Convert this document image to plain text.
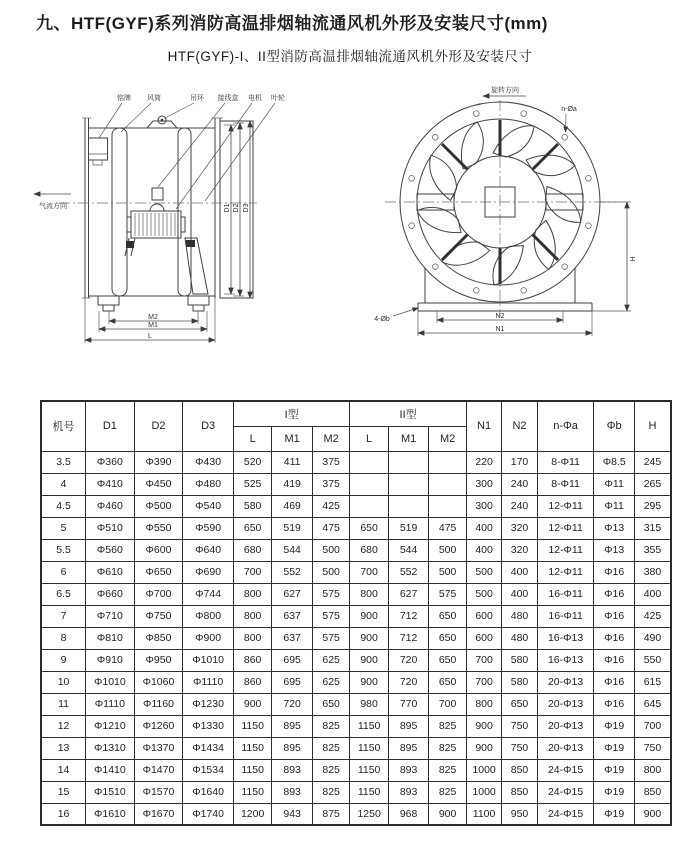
九、HTF(GYF)系列消防高温排烟轴流通风机外形及安装尺寸(mm)
HTF(GYF)-I、II型消防高温排烟轴流通风机外形及安装尺寸
铭牌 风筒	吊环 接线盒 电机 叶轮
气流方向	D1 D2 D3
M2
M1
L
旋转方向
n-Øa
4-Øb	N2
N1
H
机号	D1	D2	D3	I型			II型			N1	N2	n-Φa	Φb	H
				L	M1	M2	L	M1	M2					
3.5	Φ360	Φ390	Φ430	520	411	375				220	170	8-Φ11	Φ8.5	245
4	Φ410	Φ450	Φ480	525	419	375				300	240	8-Φ11	Φ11	265
4.5	Φ460	Φ500	Φ540	580	469	425				300	240	12-Φ11	Φ11	295
5	Φ510	Φ550	Φ590	650	519	475	650	519	475	400	320	12-Φ11	Φ13	315
5.5	Φ560	Φ600	Φ640	680	544	500	680	544	500	400	320	12-Φ11	Φ13	355
6	Φ610	Φ650	Φ690	700	552	500	700	552	500	500	400	12-Φ11	Φ16	380
6.5	Φ660	Φ700	Φ744	800	627	575	800	627	575	500	400	16-Φ11	Φ16	400
7	Φ710	Φ750	Φ800	800	637	575	900	712	650	600	480	16-Φ11	Φ16	425
8	Φ810	Φ850	Φ900	800	637	575	900	712	650	600	480	16-Φ13	Φ16	490
9	Φ910	Φ950	Φ1010	860	695	625	900	720	650	700	580	16-Φ13	Φ16	550
10	Φ1010	Φ1060	Φ1110	860	695	625	900	720	650	700	580	20-Φ13	Φ16	615
11	Φ1110	Φ1160	Φ1230	900	720	650	980	770	700	800	650	20-Φ13	Φ16	645
12	Φ1210	Φ1260	Φ1330	1150	895	825	1150	895	825	900	750	20-Φ13	Φ19	700
13	Φ1310	Φ1370	Φ1434	1150	895	825	1150	895	825	900	750	20-Φ13	Φ19	750
14	Φ1410	Φ1470	Φ1534	1150	893	825	1150	893	825	1000	850	24-Φ15	Φ19	800
15	Φ1510	Φ1570	Φ1640	1150	893	825	1150	893	825	1000	850	24-Φ15	Φ19	850
16	Φ1610	Φ1670	Φ1740	1200	943	875	1250	968	900	1100	950	24-Φ15	Φ19	900
